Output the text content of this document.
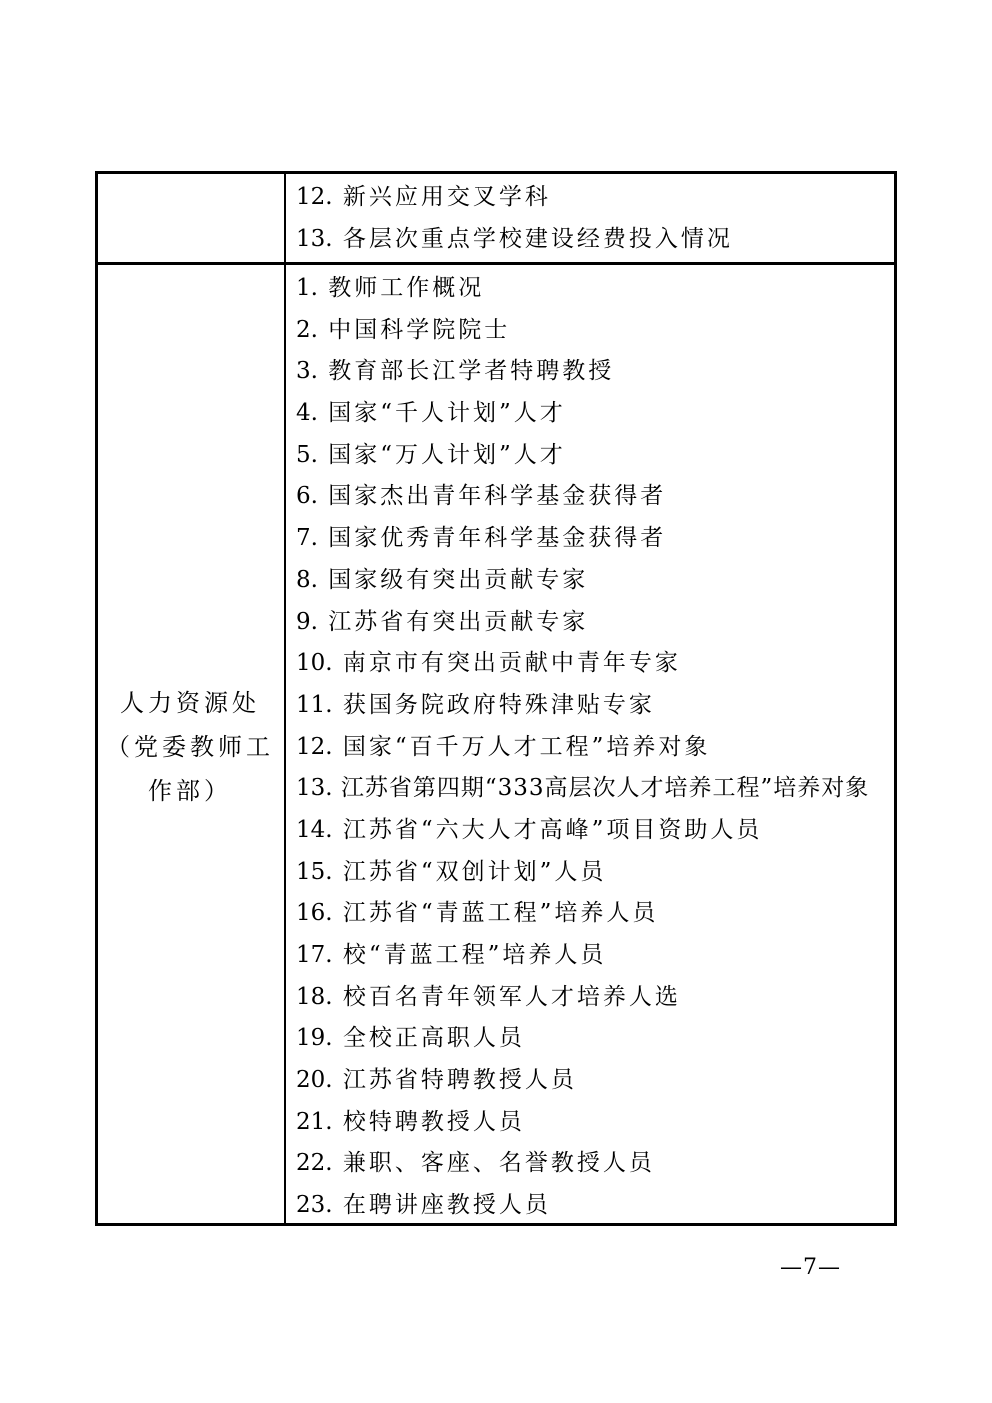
12. 新兴应用交叉学科
13. 各层次重点学校建设经费投入情况
人力资源处
（党委教师工
作部）
1. 教师工作概况
2. 中国科学院院士
3. 教育部长江学者特聘教授
4. 国家“千人计划”人才
5. 国家“万人计划”人才
6. 国家杰出青年科学基金获得者
7. 国家优秀青年科学基金获得者
8. 国家级有突出贡献专家
9. 江苏省有突出贡献专家
10. 南京市有突出贡献中青年专家
11. 获国务院政府特殊津贴专家
12. 国家“百千万人才工程”培养对象
13. 江苏省第四期“333高层次人才培养工程”培养对象
14. 江苏省“六大人才高峰”项目资助人员
15. 江苏省“双创计划”人员
16. 江苏省“青蓝工程”培养人员
17. 校“青蓝工程”培养人员
18. 校百名青年领军人才培养人选
19. 全校正高职人员
20. 江苏省特聘教授人员
21. 校特聘教授人员
22. 兼职、客座、名誉教授人员
23. 在聘讲座教授人员
—7—
